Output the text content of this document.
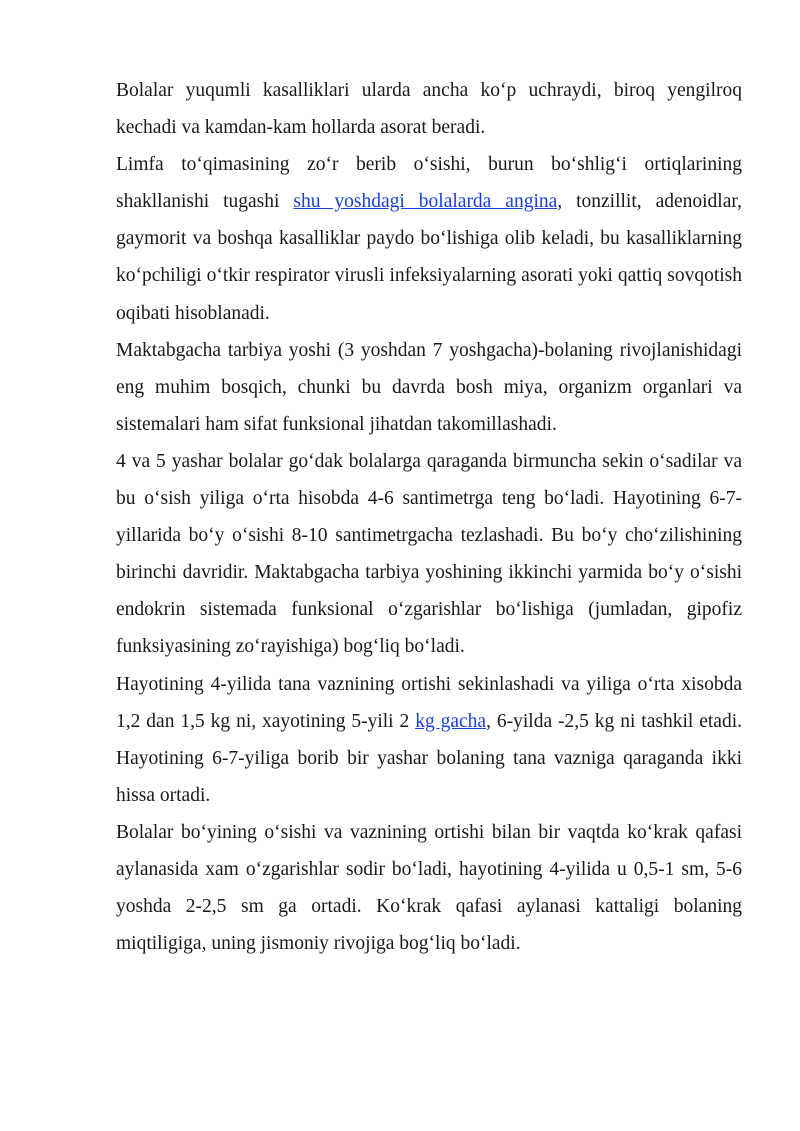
Bolalar yuqumli kasalliklari ularda ancha ko‘p uchraydi, biroq yengilroq kechadi va kamdan-kam hollarda asorat beradi.

Limfa to‘qimasining zo‘r berib o‘sishi, burun bo‘shlig‘i ortiqlarining shakllanishi tugashi shu yoshdagi bolalarda angina, tonzillit, adenoidlar, gaymorit va boshqa kasalliklar paydo bo‘lishiga olib keladi, bu kasalliklarning ko‘pchiligi o‘tkir respirator virusli infeksiyalarning asorati yoki qattiq sovqotish oqibati hisoblanadi.

Maktabgacha tarbiya yoshi (3 yoshdan 7 yoshgacha)-bolaning rivojlanishidagi eng muhim bosqich, chunki bu davrda bosh miya, organizm organlari va sistemalari ham sifat funksional jihatdan takomillashadi.

4 va 5 yashar bolalar go‘dak bolalarga qaraganda birmuncha sekin o‘sadilar va bu o‘sish yiliga o‘rta hisobda 4-6 santimetrga teng bo‘ladi. Hayotining 6-7-yillarida bo‘y o‘sishi 8-10 santimetrgacha tezlashadi. Bu bo‘y cho‘zilishining birinchi davridir. Maktabgacha tarbiya yoshining ikkinchi yarmida bo‘y o‘sishi endokrin sistemada funksional o‘zgarishlar bo‘lishiga (jumladan, gipofiz funksiyasining zo‘rayishiga) bog‘liq bo‘ladi.

Hayotining 4-yilida tana vaznining ortishi sekinlashadi va yiliga o‘rta xisobda 1,2 dan 1,5 kg ni, xayotining 5-yili 2 kg gacha, 6-yilda -2,5 kg ni tashkil etadi. Hayotining 6-7-yiliga borib bir yashar bolaning tana vazniga qaraganda ikki hissa ortadi.

Bolalar bo‘yining o‘sishi va vaznining ortishi bilan bir vaqtda ko‘krak qafasi aylanasida xam o‘zgarishlar sodir bo‘ladi, hayotining 4-yilida u 0,5-1 sm, 5-6 yoshda 2-2,5 sm ga ortadi. Ko‘krak qafasi aylanasi kattaligi bolaning miqtiligiga, uning jismoniy rivojiga bog‘liq bo‘ladi.
